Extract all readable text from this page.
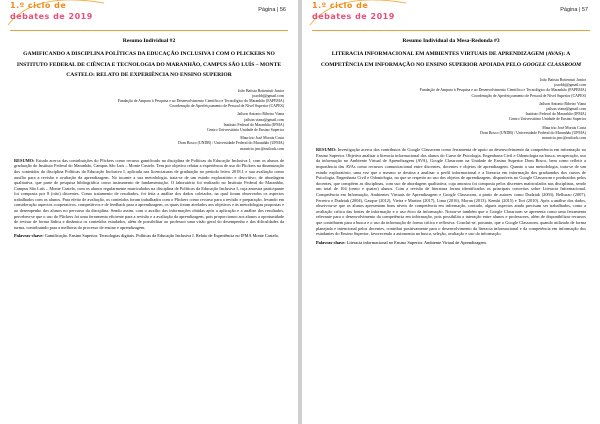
1.º ciclo de
debates de 2019
Página | 56
Resumo Individual #2
GAMIFICANDO A DISCIPLINA POLÍTICAS DA EDUCAÇÃO INCLUSIVA I COM O PLICKERS NO INSTITUTO FEDERAL DE CIÊNCIA E TECNOLOGIA DO MARANHÃO, CAMPUS SÃO LUÍS – MONTE CASTELO: RELATO DE EXPERIÊNCIA NO ENSINO SUPERIOR
João Batista Bottentuit Junior
joaobbj@gmail.com
Fundação de Amparo à Pesquisa e ao Desenvolvimento Científico e Tecnológico do Maranhão (FAPEMA)
Coordenação de Aperfeiçoamento de Pessoal de Nível Superior (CAPES)
Jaílson Antonio Ribeiro Viana
jailson.viana@gmail.com
Instituto Federal do Maranhão (IFMA)
Centro Universitário Unidade de Ensino Superior
Maurício José Morais Costa
Dom Bosco (UNDB) / Universidade Federal do Maranhão (UFMA)
mauricio.jmc@outlook.com
RESUMO: Estudo acerca das contribuições do Plickers como recurso gamificado na disciplina de Políticas da Educação Inclusiva I, com os alunos de graduação do Instituto Federal do Maranhão, Campus São Luís – Monte Castelo. Tem por objetivo relatar a experiência de uso do Plickers na dinamização dos conteúdos da disciplina Políticas da Educação Inclusiva I, aplicada nas licenciaturas de graduação no período letivo 2018.1 e sua avaliação como auxílio para a revisão e avaliação da aprendizagem. No tocante a sua metodologia, trata-se de um estudo exploratório e descritivo, de abordagem qualitativa, que parte de pesquisa bibliográfica como instrumento de fundamentação. O laboratório foi realizado no Instituto Federal do Maranhão, Campus São Luís – Monte Castelo, com os alunos regularmente matriculados na disciplina de Políticas da Educação Inclusiva I, cuja amostra participante foi composta por 8 (oito) discentes. Como tratamento de resultados, foi feita a análise dos dados coletados, na qual foram observados os aspectos trabalhados com os alunos. Para efeito de avaliação, os conteúdos foram trabalhados com o Plickers como recurso para a revisão e preparação, levando em consideração aspectos cooperativos, competitivos e de feedback para a aprendizagem, os quais foram atrelados aos objetivos e às metodologias propostas e ao desempenho dos alunos no percurso da disciplina. Sendo assim, com o auxílio das informações obtidas após a aplicação e a análise dos resultados, percebeu-se que o uso do Plickers foi uma ferramenta eficiente para a revisão e a avaliação da aprendizagem, pois proporcionou aos alunos a oportunidade de revisar de forma lúdica e dinâmica os conteúdos estudados, além de possibilitar ao professor uma visão geral do desempenho e das dificuldades da turma, contribuindo para a melhoria do processo de ensino e aprendizagem.
Palavras-chave: Gamificação. Ensino Superior. Tecnologias digitais. Políticas da Educação Inclusiva I. Relato de Experiência no IFMA Monte Castelo.
1.º ciclo de
debates de 2019
Página | 57
Resumo Individual da Mesa-Redonda #3
LITERACIA INFORMACIONAL EM AMBIENTES VIRTUAIS DE APRENDIZAGEM (AVAS): A COMPETÊNCIA EM INFORMAÇÃO NO ENSINO SUPERIOR APOIADA PELO GOOGLE CLASSROOM
João Batista Bottentuit Junior
joaobbj@gmail.com
Fundação de Amparo à Pesquisa e ao Desenvolvimento Científico e Tecnológico do Maranhão (FAPEMA)
Coordenação de Aperfeiçoamento de Pessoal de Nível Superior (CAPES)
Jaílson Antonio Ribeiro Viana
jailson.viana@gmail.com
Instituto Federal do Maranhão (IFMA)
Centro Universitário Unidade de Ensino Superior
Maurício José Morais Costa
Dom Bosco (UNDB) / Universidade Federal do Maranhão (UFMA)
mauricio.jmc@outlook.com
RESUMO: Investigação acerca dos contributos do Google Classroom como ferramenta de apoio ao desenvolvimento da competência em informação no Ensino Superior. Objetiva analisar a literacia informacional dos alunos do Curso de Psicologia, Engenharia Civil e Odontologia na busca, recuperação, uso da informação no Ambiente Virtual de Aprendizagem (AVA), Google Classroom na Unidade de Ensino Superior Dom Bosco, bem como refletir a importância das AVAs como recursos comunicacional entre discentes, docentes e objetos de aprendizagem. Quanto a sua metodologia, trata-se de um estudo exploratório, uma vez que o mesmo se destina a analisar o perfil informacional e a literacia em informação dos graduandos dos cursos de Psicologia, Engenharia Civil e Odontologia, no que se respeito ao uso dos objetos de aprendizagem, disponíveis no Google Classroom e produzidos pelos docentes, que compõem as disciplinas, com uso de abordagem qualitativa, cuja amostra foi composta pelos discentes matriculados nas disciplinas, sendo um total de 104 (cento e quatro) alunos. Com a revisão de literatura foram identificados os principais conceitos sobre Literacia Informacional, Competência em Informação, Ambientes Virtuais de Aprendizagem e Google Classroom, a partir de autores como Dudziak (2003), Belluzzo (2007), Ferreira e Dudziak (2004), Gasque (2012), Vieira e Martins (2017), Lima (2016), Moran (2013), Kenski (2015) e Tori (2010). Após a análise dos dados, observou-se que os alunos apresentam bons níveis de competência em informação, contudo, alguns aspectos ainda precisam ser trabalhados, como a avaliação crítica das fontes de informação e o uso ético da informação. Notou-se também que o Google Classroom se apresenta como uma ferramenta relevante para o desenvolvimento da competência em informação, pois possibilita a interação entre alunos e professores, além de disponibilizar recursos que contribuem para a busca e o uso da informação de forma crítica e reflexiva. Conclui-se, portanto, que o Google Classroom, quando utilizado de forma planejada e intencional pelos docentes, contribui positivamente para o desenvolvimento da literacia informacional e da competência em informação dos estudantes do Ensino Superior, favorecendo a autonomia na busca, seleção, avaliação e uso da informação.
Palavras-chave: Literacia informacional no Ensino Superior. Ambiente Virtual de Aprendizagem.
